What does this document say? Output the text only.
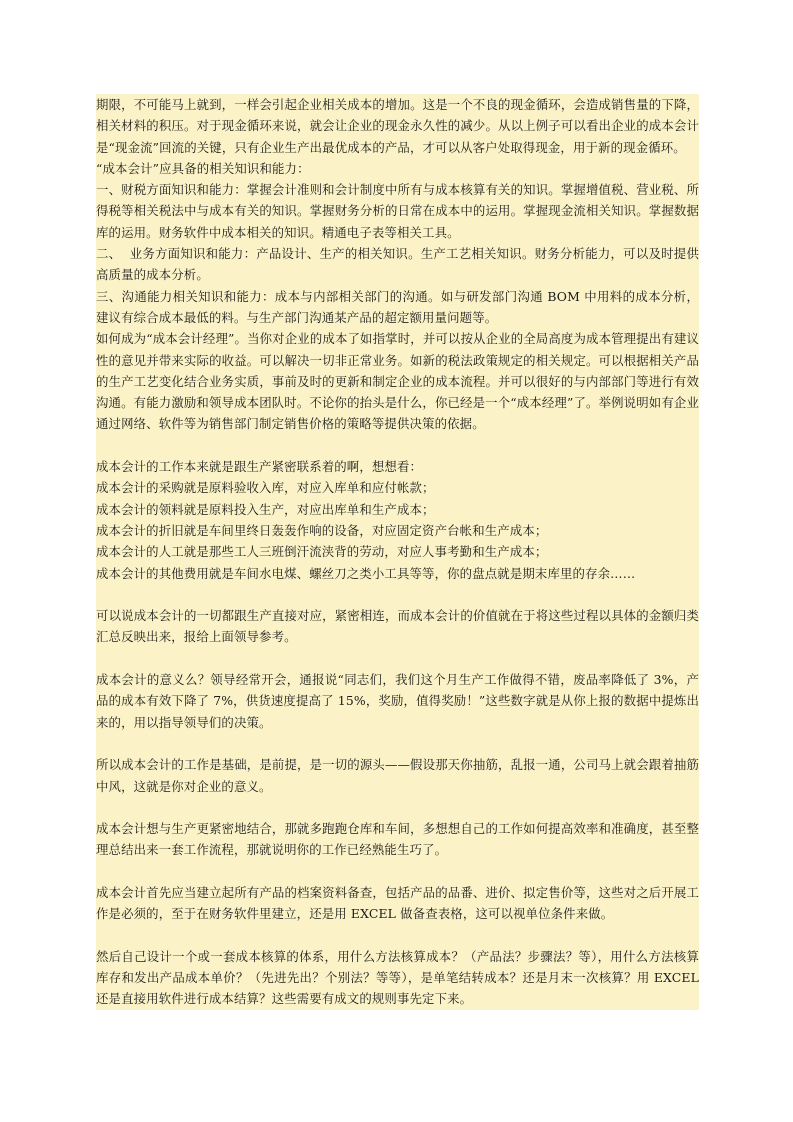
期限，不可能马上就到，一样会引起企业相关成本的增加。这是一个不良的现金循环，会造成销售量的下降，相关材料的积压。对于现金循环来说，就会让企业的现金永久性的减少。从以上例子可以看出企业的成本会计是“现金流”回流的关键，只有企业生产出最优成本的产品，才可以从客户处取得现金，用于新的现金循环。

“成本会计”应具备的相关知识和能力：

一、财税方面知识和能力：掌握会计准则和会计制度中所有与成本核算有关的知识。掌握增值税、营业税、所得税等相关税法中与成本有关的知识。掌握财务分析的日常在成本中的运用。掌握现金流相关知识。掌握数据库的运用。财务软件中成本相关的知识。精通电子表等相关工具。

二、  业务方面知识和能力：产品设计、生产的相关知识。生产工艺相关知识。财务分析能力，可以及时提供高质量的成本分析。

三、沟通能力相关知识和能力：成本与内部相关部门的沟通。如与研发部门沟通 BOM 中用料的成本分析，建议有综合成本最低的料。与生产部门沟通某产品的超定额用量问题等。

如何成为“成本会计经理”。当你对企业的成本了如指掌时，并可以按从企业的全局高度为成本管理提出有建议性的意见并带来实际的收益。可以解决一切非正常业务。如新的税法政策规定的相关规定。可以根据相关产品的生产工艺变化结合业务实质，事前及时的更新和制定企业的成本流程。并可以很好的与内部部门等进行有效沟通。有能力激励和领导成本团队时。不论你的抬头是什么，你已经是一个“成本经理”了。举例说明如有企业通过网络、软件等为销售部门制定销售价格的策略等提供决策的依据。

成本会计的工作本来就是跟生产紧密联系着的啊，想想看：

成本会计的采购就是原料验收入库，对应入库单和应付帐款；

成本会计的领料就是原料投入生产，对应出库单和生产成本；

成本会计的折旧就是车间里终日轰轰作响的设备，对应固定资产台帐和生产成本；

成本会计的人工就是那些工人三班倒汗流浃背的劳动，对应人事考勤和生产成本；

成本会计的其他费用就是车间水电煤、螺丝刀之类小工具等等，你的盘点就是期末库里的存余……

可以说成本会计的一切都跟生产直接对应，紧密相连，而成本会计的价值就在于将这些过程以具体的金额归类汇总反映出来，报给上面领导参考。

成本会计的意义么？领导经常开会，通报说“同志们，我们这个月生产工作做得不错，废品率降低了 3%，产品的成本有效下降了 7%，供货速度提高了 15%，奖励，值得奖励！”这些数字就是从你上报的数据中提炼出来的，用以指导领导们的决策。

所以成本会计的工作是基础，是前提，是一切的源头——假设那天你抽筋，乱报一通，公司马上就会跟着抽筋中风，这就是你对企业的意义。

成本会计想与生产更紧密地结合，那就多跑跑仓库和车间，多想想自己的工作如何提高效率和准确度，甚至整理总结出来一套工作流程，那就说明你的工作已经熟能生巧了。

成本会计首先应当建立起所有产品的档案资料备查，包括产品的品番、进价、拟定售价等，这些对之后开展工作是必须的，至于在财务软件里建立，还是用 EXCEL 做备查表格，这可以视单位条件来做。

然后自己设计一个或一套成本核算的体系，用什么方法核算成本？（产品法？步骤法？等），用什么方法核算库存和发出产品成本单价？（先进先出？个别法？等等），是单笔结转成本？还是月末一次核算？用 EXCEL 还是直接用软件进行成本结算？这些需要有成文的规则事先定下来。
